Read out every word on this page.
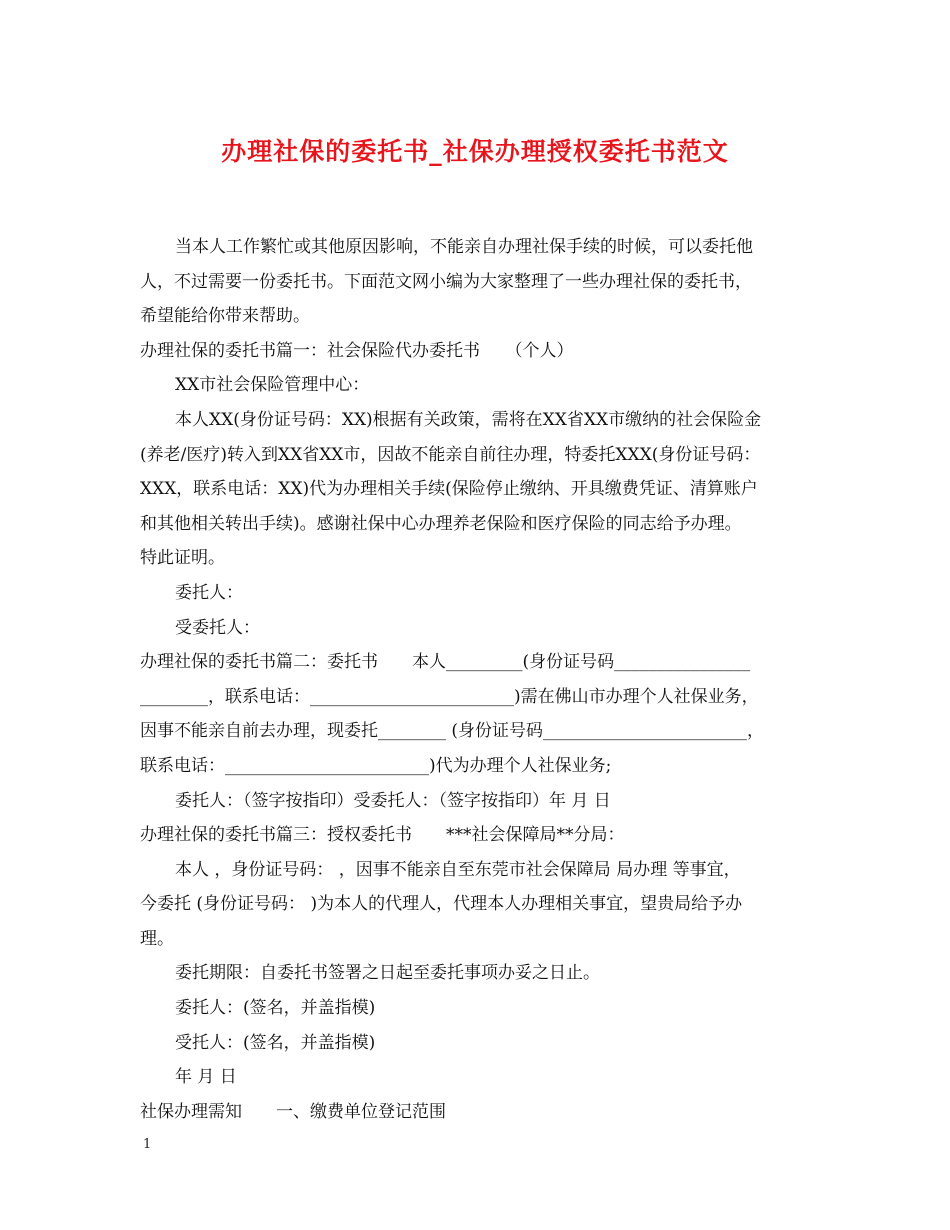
办理社保的委托书_社保办理授权委托书范文

当本人工作繁忙或其他原因影响，不能亲自办理社保手续的时候，可以委托他

人，不过需要一份委托书。下面范文网小编为大家整理了一些办理社保的委托书，

希望能给你带来帮助。

办理社保的委托书篇一：社会保险代办委托书　　（个人）

XX市社会保险管理中心：

本人XX(身份证号码：XX)根据有关政策，需将在XX省XX市缴纳的社会保险金

(养老/医疗)转入到XX省XX市，因故不能亲自前往办理，特委托XXX(身份证号码：

XXX，联系电话：XX)代为办理相关手续(保险停止缴纳、开具缴费凭证、清算账户

和其他相关转出手续)。感谢社保中心办理养老保险和医疗保险的同志给予办理。

特此证明。

委托人：

受委托人：

办理社保的委托书篇二：委托书　　本人_________(身份证号码________________

________，联系电话：________________________)需在佛山市办理个人社保业务，

因事不能亲自前去办理，现委托________ (身份证号码________________________，

联系电话：________________________)代为办理个人社保业务;

委托人：（签字按指印）受委托人：（签字按指印）年 月 日

办理社保的委托书篇三：授权委托书　　***社会保障局**分局：

本人 ，身份证号码： ，因事不能亲自至东莞市社会保障局 局办理 等事宜，

今委托 (身份证号码： )为本人的代理人，代理本人办理相关事宜，望贵局给予办

理。

委托期限：自委托书签署之日起至委托事项办妥之日止。

委托人：(签名，并盖指模)

受托人：(签名，并盖指模)

年 月 日

社保办理需知　　一、缴费单位登记范围

1
